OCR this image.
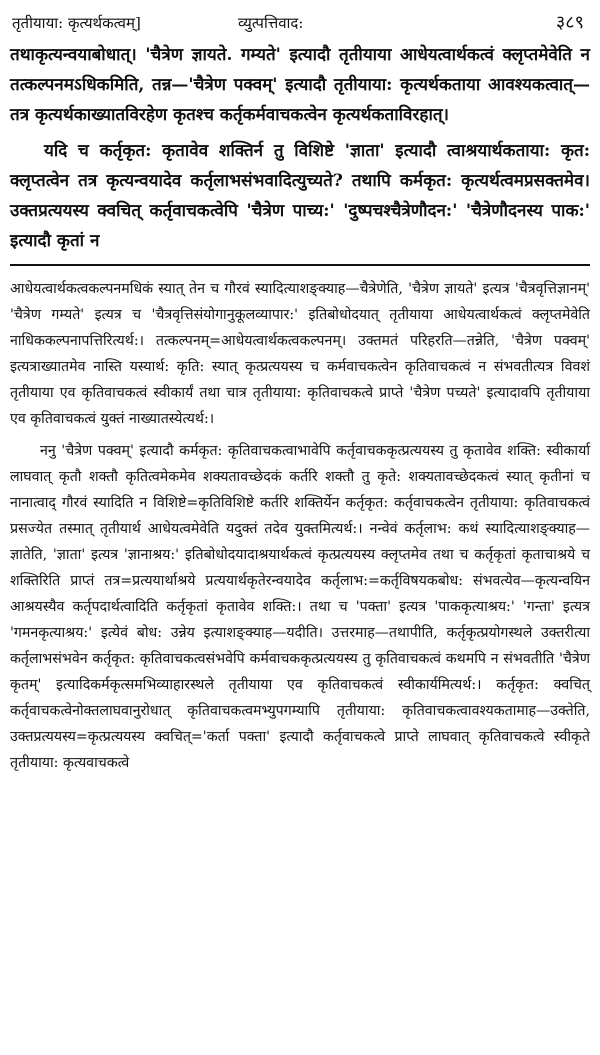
तृतीयाया: कृत्यर्थकत्वम्]	व्युत्पत्तिवाद:	३८९

तथाकृत्यन्वयाबोधात्। 'चैत्रेण ज्ञायते. गम्यते' इत्यादौ तृतीयाया आधेयत्वार्थकत्वं क्लृप्तमेवेति न तत्कल्पनमऽधिकमिति, तन्न—'चैत्रेण पक्वम्' इत्यादौ तृतीयाया: कृत्यर्थकताया आवश्यकत्वात्—तत्र कृत्यर्थकाख्यातविरहेण कृतश्च कर्तृकर्मवाचकत्वेन कृत्यर्थकताविरहात्।

यदि च कर्तृकृत: कृतावेव शक्तिर्न तु विशिष्टे 'ज्ञाता' इत्यादौ त्वाश्रयार्थकताया: कृत: क्लृप्तत्वेन तत्र कृत्यन्वयादेव कर्तृलाभसंभवादित्युच्यते? तथापि कर्मकृत: कृत्यर्थत्वमप्रसक्तमेव। उक्तप्रत्ययस्य क्वचित् कर्तृवाचकत्वेपि 'चैत्रेण पाच्य:' 'दुष्पचश्चैत्रेणौदन:' 'चैत्रेणौदनस्य पाक:' इत्यादौ कृतां न

आधेयत्वार्थकत्वकल्पनमधिकं स्यात् तेन च गौरवं स्यादित्याशङ्क्याह—चैत्रेणेति, 'चैत्रेण ज्ञायते' इत्यत्र 'चैत्रवृत्तिज्ञानम्' 'चैत्रेण गम्यते' इत्यत्र च 'चैत्रवृत्तिसंयोगानुकूलव्यापार:' इतिबोधोदयात् तृतीयाया आधेयत्वार्थकत्वं क्लृप्तमेवेति नाधिककल्पनापत्तिरित्यर्थ:। तत्कल्पनम्=आधेयत्वार्थकत्वकल्पनम्। उक्तमतं परिहरति—तन्नेति, 'चैत्रेण पक्वम्' इत्यत्राख्यातमेव नास्ति यस्यार्थ: कृति: स्यात् कृत्प्रत्ययस्य च कर्मवाचकत्वेन कृतिवाचकत्वं न संभवतीत्यत्र विवशं तृतीयाया एव कृतिवाचकत्वं स्वीकार्यं तथा चात्र तृतीयाया: कृतिवाचकत्वे प्राप्ते 'चैत्रेण पच्यते' इत्यादावपि तृतीयाया एव कृतिवाचकत्वं युक्तं नाख्यातस्येत्यर्थ:।

ननु 'चैत्रेण पक्वम्' इत्यादौ कर्मकृत: कृतिवाचकत्वाभावेपि कर्तृवाचककृत्प्रत्ययस्य तु कृतावेव शक्ति: स्वीकार्या लाघवात् कृतौ शक्तौ कृतित्वमेकमेव शक्यतावच्छेदकं कर्तरि शक्तौ तु कृते: शक्यतावच्छेदकत्वं स्यात् कृतीनां च नानात्वाद् गौरवं स्यादिति न विशिष्टे=कृतिविशिष्टे कर्तरि शक्तिर्येन कर्तृकृत: कर्तृवाचकत्वेन तृतीयाया: कृतिवाचकत्वं प्रसज्येत तस्मात् तृतीयार्थ आधेयत्वमेवेति यदुक्तं तदेव युक्तमित्यर्थ:। नन्वेवं कर्तृलाभ: कथं स्यादित्याशङ्क्याह—ज्ञातेति, 'ज्ञाता' इत्यत्र 'ज्ञानाश्रय:' इतिबोधोदयादाश्रयार्थकत्वं कृत्प्रत्ययस्य क्लृप्तमेव तथा च कर्तृकृतां कृताचाश्रये च शक्तिरिति प्राप्तं तत्र=प्रत्ययार्थाश्रये प्रत्ययार्थकृतेरन्वयादेव कर्तृलाभ:=कर्तृविषयकबोध: संभवत्येव—कृत्यन्वयिन आश्रयस्यैव कर्तृपदार्थत्वादिति कर्तृकृतां कृतावेव शक्ति:। तथा च 'पक्ता' इत्यत्र 'पाककृत्याश्रय:' 'गन्ता' इत्यत्र 'गमनकृत्याश्रय:' इत्येवं बोध: उन्नेय इत्याशङ्क्याह—यदीति। उत्तरमाह—तथापीति, कर्तृकृत्प्रयोगस्थले उक्तरीत्या कर्तृलाभसंभवेन कर्तृकृत: कृतिवाचकत्वसंभवेपि कर्मवाचककृत्प्रत्ययस्य तु कृतिवाचकत्वं कथमपि न संभवतीति 'चैत्रेण कृतम्' इत्यादिकर्मकृत्समभिव्याहारस्थले तृतीयाया एव कृतिवाचकत्वं स्वीकार्यमित्यर्थ:। कर्तृकृत: क्वचित् कर्तृवाचकत्वेनोक्तलाघवानुरोधात् कृतिवाचकत्वमभ्युपगम्यापि तृतीयाया: कृतिवाचकत्वावश्यकतामाह—उक्तेति, उक्तप्रत्ययस्य=कृत्प्रत्ययस्य क्वचित्='कर्ता पक्ता' इत्यादौ कर्तृवाचकत्वे प्राप्ते लाघवात् कृतिवाचकत्वे स्वीकृते तृतीयाया: कृत्यवाचकत्वे
